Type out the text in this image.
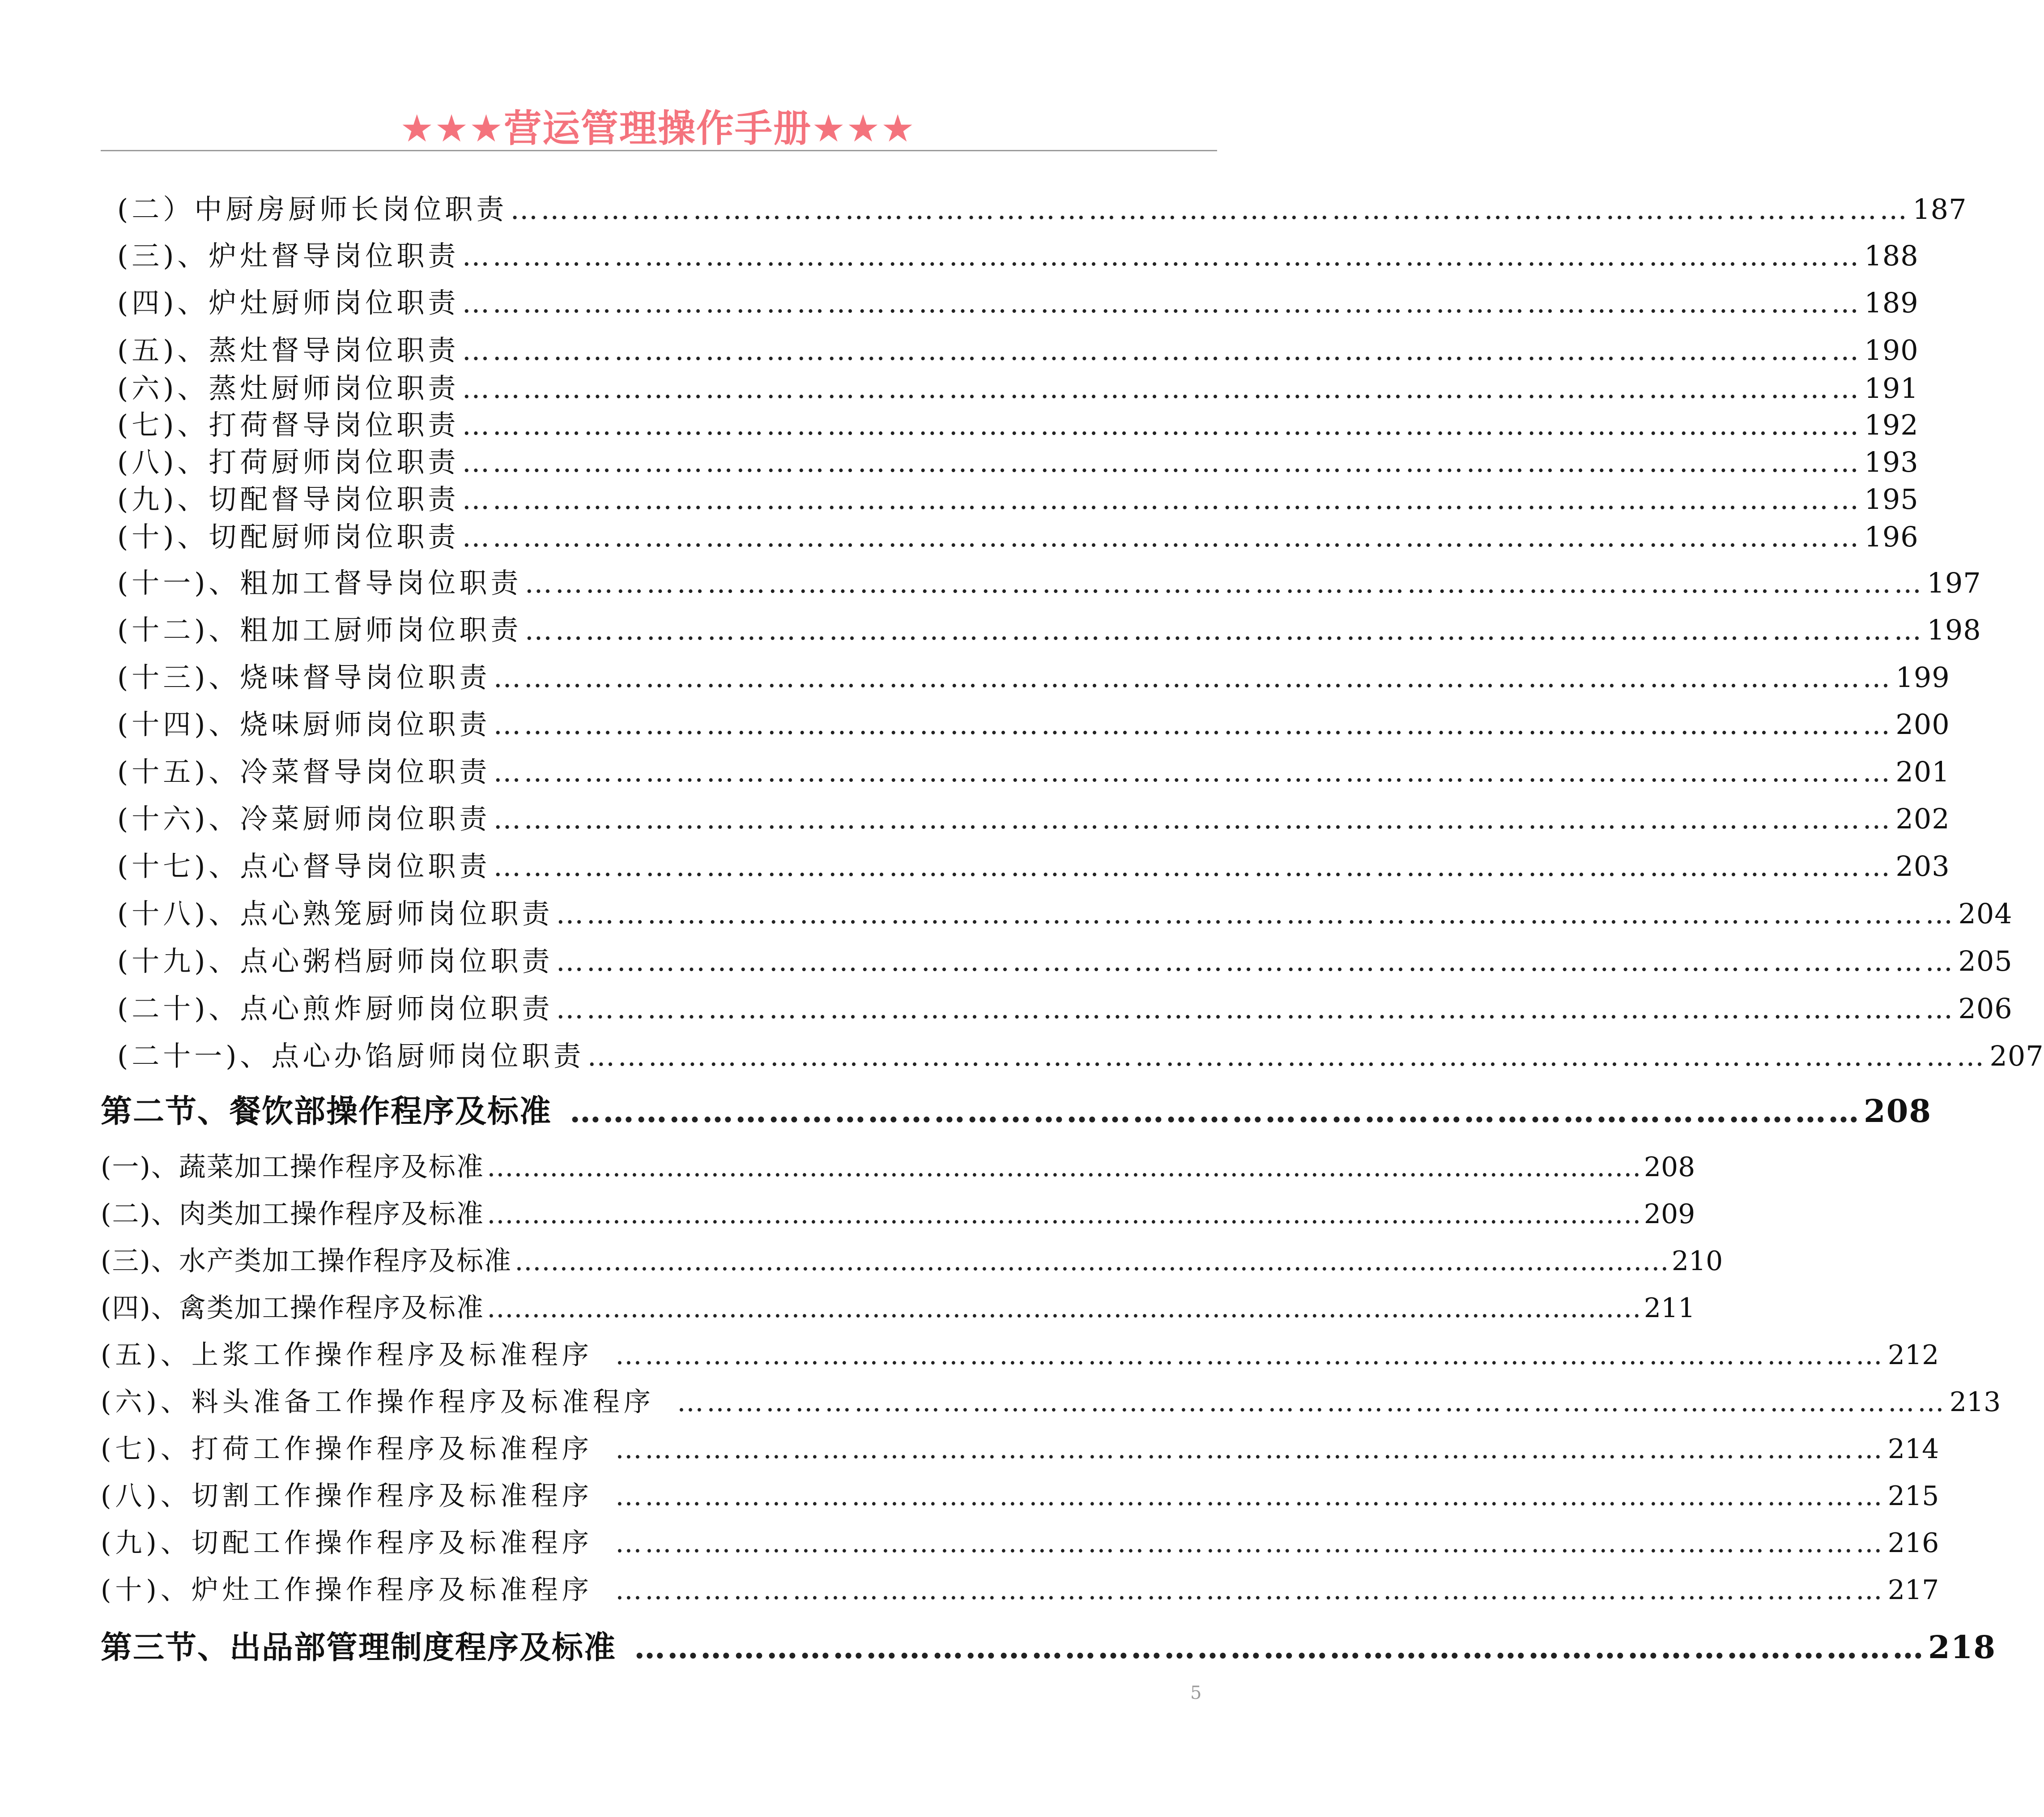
★★★营运管理操作手册★★★
(二）中厨房厨师长岗位职责 ………………………………………………………………………………………………………………………… 187
(三)、炉灶督导岗位职责 ………………………………………………………………………………………………………………………… 188
(四)、炉灶厨师岗位职责 ………………………………………………………………………………………………………………………… 189
(五)、蒸灶督导岗位职责 ………………………………………………………………………………………………………………………… 190
(六)、蒸灶厨师岗位职责 ………………………………………………………………………………………………………………………… 191
(七)、打荷督导岗位职责 ………………………………………………………………………………………………………………………… 192
(八)、打荷厨师岗位职责 ………………………………………………………………………………………………………………………… 193
(九)、切配督导岗位职责 ………………………………………………………………………………………………………………………… 195
(十)、切配厨师岗位职责 ………………………………………………………………………………………………………………………… 196
(十一)、粗加工督导岗位职责 ………………………………………………………………………………………………………………………… 197
(十二)、粗加工厨师岗位职责 ………………………………………………………………………………………………………………………… 198
(十三)、烧味督导岗位职责 ………………………………………………………………………………………………………………………… 199
(十四)、烧味厨师岗位职责 ………………………………………………………………………………………………………………………… 200
(十五)、冷菜督导岗位职责 ………………………………………………………………………………………………………………………… 201
(十六)、冷菜厨师岗位职责 ………………………………………………………………………………………………………………………… 202
(十七)、点心督导岗位职责 ………………………………………………………………………………………………………………………… 203
(十八)、点心熟笼厨师岗位职责 ………………………………………………………………………………………………………………………… 204
(十九)、点心粥档厨师岗位职责 ………………………………………………………………………………………………………………………… 205
(二十)、点心煎炸厨师岗位职责 ………………………………………………………………………………………………………………………… 206
(二十一)、点心办馅厨师岗位职责 ………………………………………………………………………………………………………………………… 207
第二节、餐饮部操作程序及标准 ……………………………………………………………………………………………………… 208
(一)、蔬菜加工操作程序及标准 ………………………………………………………………………………………………………………… 208
(二)、肉类加工操作程序及标准 ………………………………………………………………………………………………………………… 209
(三)、水产类加工操作程序及标准 ………………………………………………………………………………………………………………… 210
(四)、禽类加工操作程序及标准 ………………………………………………………………………………………………………………… 211
(五)、上浆工作操作程序及标准程序 ………………………………………………………………………………………………………………… 212
(六)、料头准备工作操作程序及标准程序 ………………………………………………………………………………………………………………… 213
(七)、打荷工作操作程序及标准程序 ………………………………………………………………………………………………………………… 214
(八)、切割工作操作程序及标准程序 ………………………………………………………………………………………………………………… 215
(九)、切配工作操作程序及标准程序 ………………………………………………………………………………………………………………… 216
(十)、炉灶工作操作程序及标准程序 ………………………………………………………………………………………………………………… 217
第三节、出品部管理制度程序及标准 ……………………………………………………………………………………………………… 218
5
